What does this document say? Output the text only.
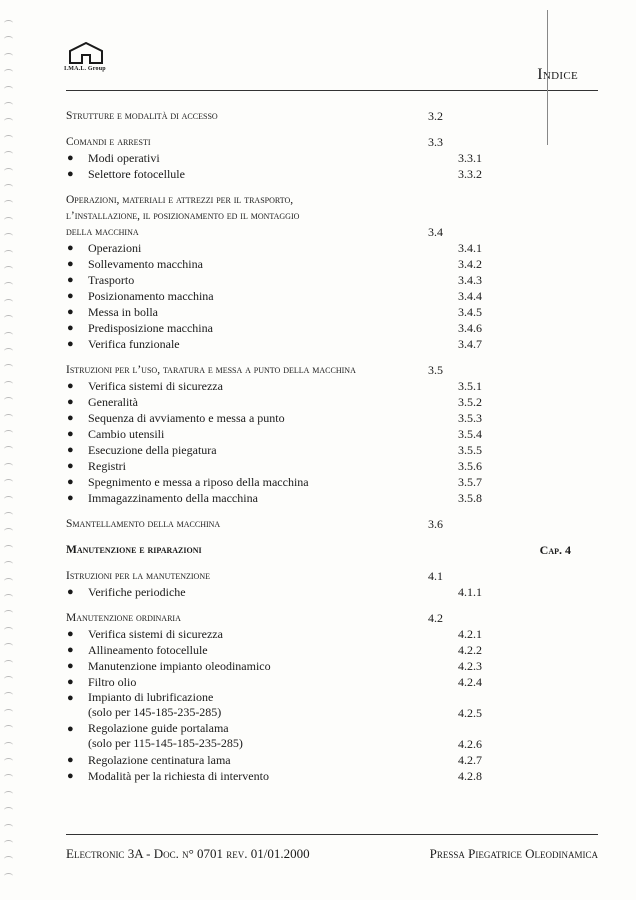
I.MA.L. Group	Indice
Strutture e modalità di accesso	3.2
Comandi e arresti	3.3
● Modi operativi	3.3.1
● Selettore fotocellule	3.3.2
Operazioni, materiali e attrezzi per il trasporto,
l’installazione, il posizionamento ed il montaggio
della macchina	3.4
● Operazioni	3.4.1
● Sollevamento macchina	3.4.2
● Trasporto	3.4.3
● Posizionamento macchina	3.4.4
● Messa in bolla	3.4.5
● Predisposizione macchina	3.4.6
● Verifica funzionale	3.4.7
Istruzioni per l’uso, taratura e messa a punto della macchina	3.5
● Verifica sistemi di sicurezza	3.5.1
● Generalità	3.5.2
● Sequenza di avviamento e messa a punto	3.5.3
● Cambio utensili	3.5.4
● Esecuzione della piegatura	3.5.5
● Registri	3.5.6
● Spegnimento e messa a riposo della macchina	3.5.7
● Immagazzinamento della macchina	3.5.8
Smantellamento della macchina	3.6
Manutenzione e riparazioni	Cap. 4
Istruzioni per la manutenzione	4.1
● Verifiche periodiche	4.1.1
Manutenzione ordinaria	4.2
● Verifica sistemi di sicurezza	4.2.1
● Allineamento fotocellule	4.2.2
● Manutenzione impianto oleodinamico	4.2.3
● Filtro olio	4.2.4
● Impianto di lubrificazione
(solo per 145-185-235-285)	4.2.5
● Regolazione guide portalama
(solo per 115-145-185-235-285)	4.2.6
● Regolazione centinatura lama	4.2.7
● Modalità per la richiesta di intervento	4.2.8
Electronic 3A - Doc. n° 0701 rev. 01/01.2000	Pressa Piegatrice Oleodinamica
